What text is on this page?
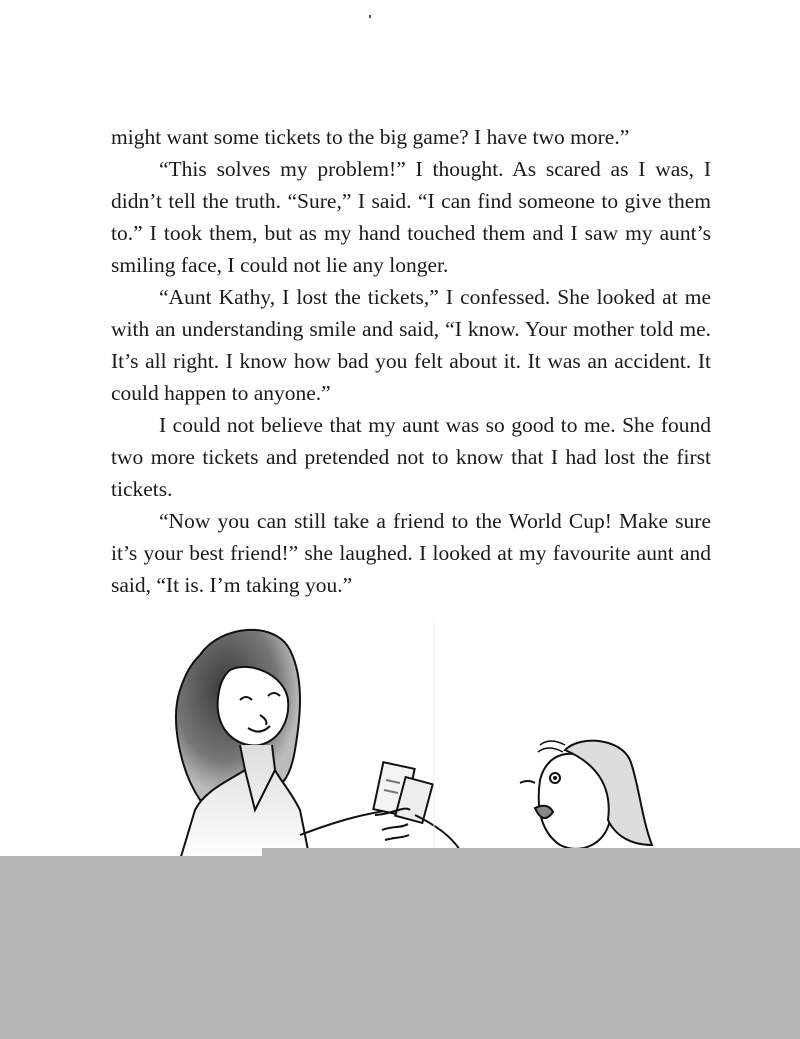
might want some tickets to the big game? I have two more.”

“This solves my problem!” I thought. As scared as I was, I didn’t tell the truth. “Sure,” I said. “I can find someone to give them to.” I took them, but as my hand touched them and I saw my aunt’s smiling face, I could not lie any longer.

“Aunt Kathy, I lost the tickets,” I confessed. She looked at me with an understanding smile and said, “I know. Your mother told me. It’s all right. I know how bad you felt about it. It was an accident. It could happen to anyone.”

I could not believe that my aunt was so good to me. She found two more tickets and pretended not to know that I had lost the first tickets.

“Now you can still take a friend to the World Cup! Make sure it’s your best friend!” she laughed. I looked at my favourite aunt and said, “It is. I’m taking you.”
